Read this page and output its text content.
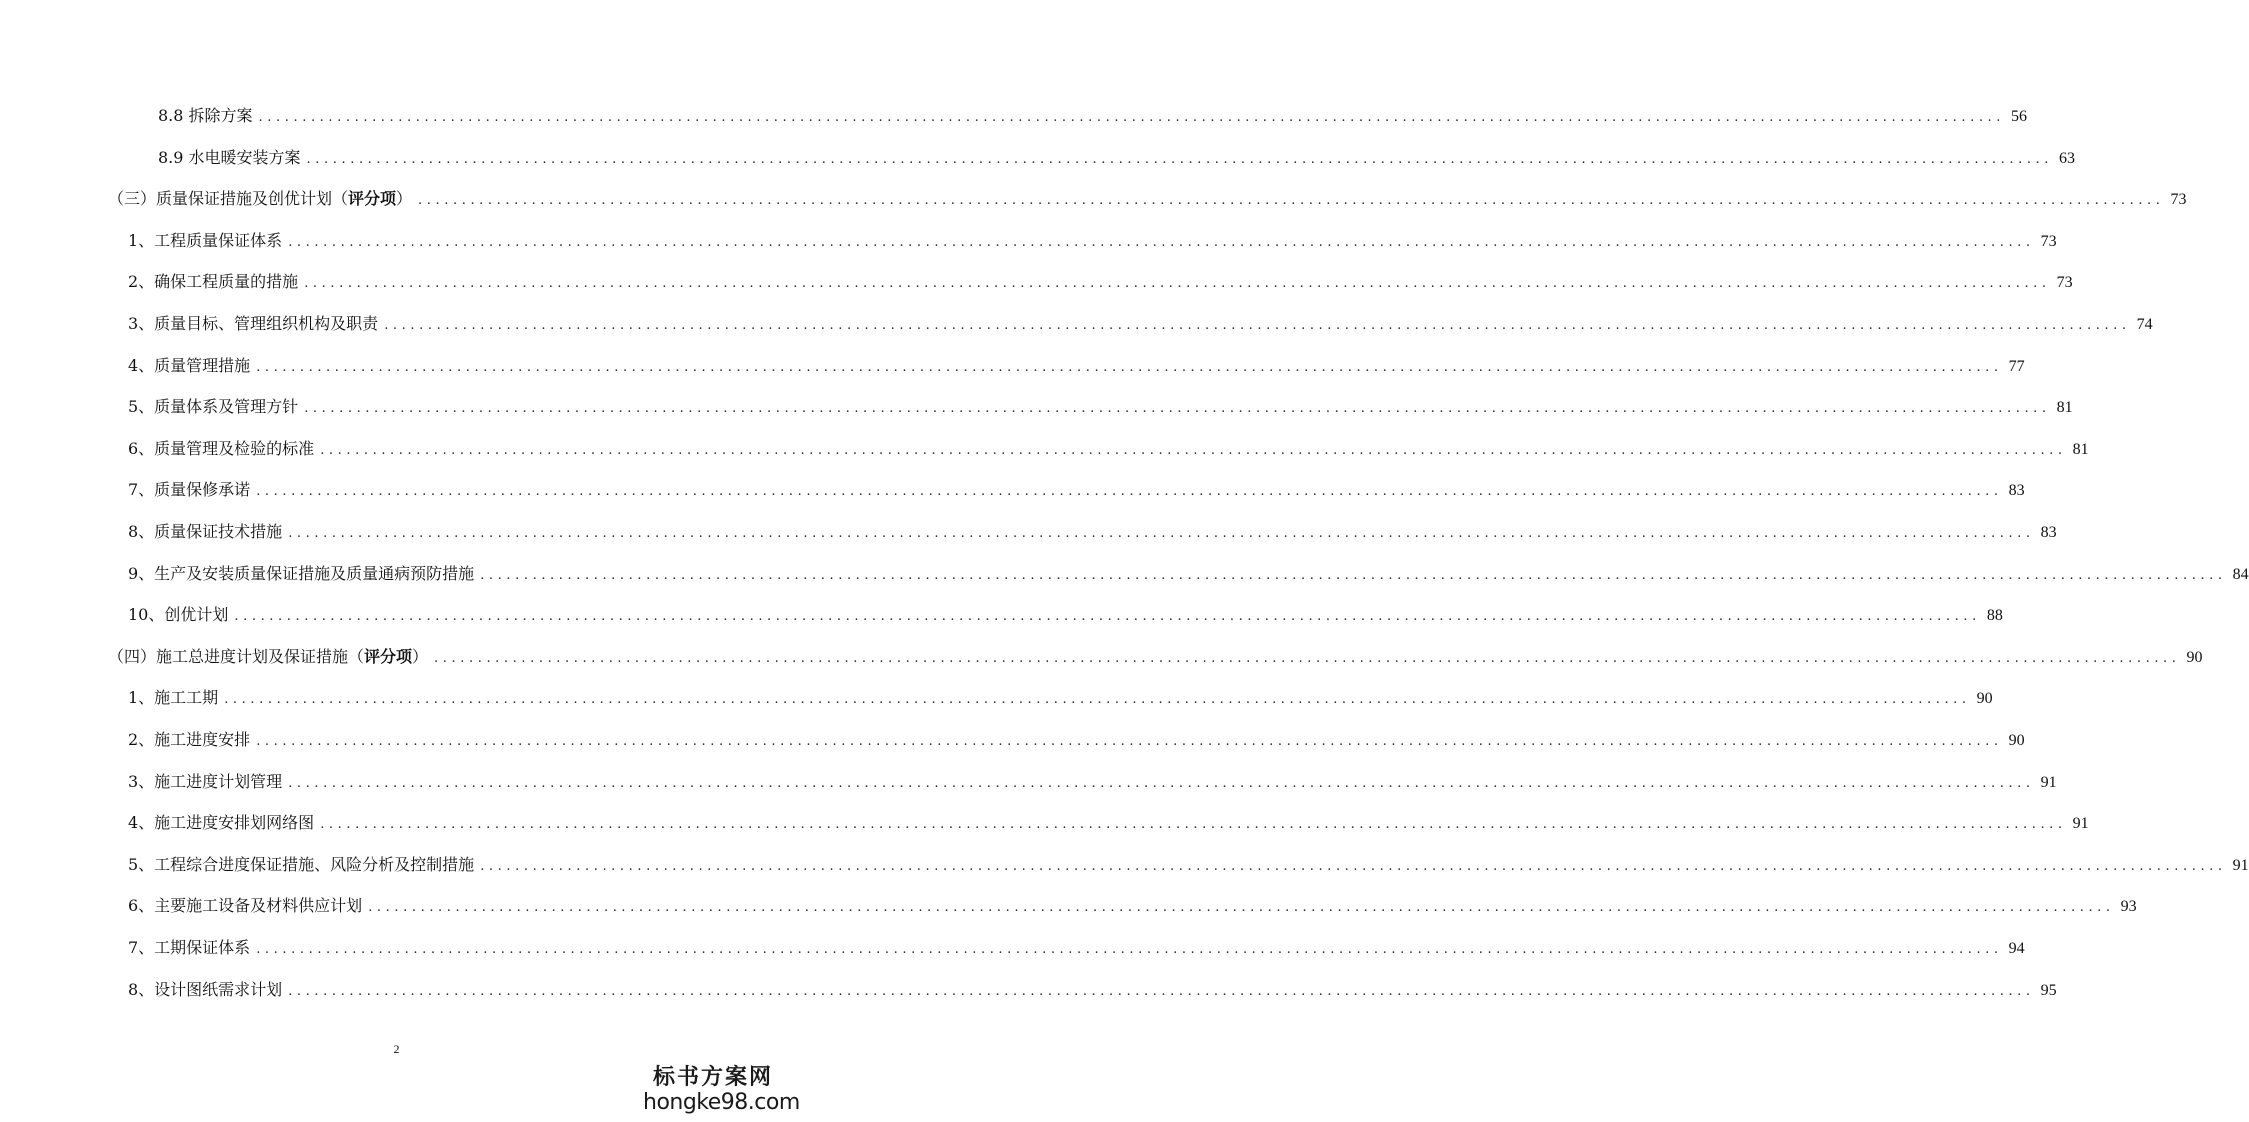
8.8 拆除方案 ........................................................................................................................................................................................................ 56
8.9 水电暖安装方案 ........................................................................................................................................................................................................ 63
（三）质量保证措施及创优计划（评分项） ........................................................................................................................................................................................................ 73
1、工程质量保证体系 ........................................................................................................................................................................................................ 73
2、确保工程质量的措施 ........................................................................................................................................................................................................ 73
3、质量目标、管理组织机构及职责 ........................................................................................................................................................................................................ 74
4、质量管理措施 ........................................................................................................................................................................................................ 77
5、质量体系及管理方针 ........................................................................................................................................................................................................ 81
6、质量管理及检验的标准 ........................................................................................................................................................................................................ 81
7、质量保修承诺 ........................................................................................................................................................................................................ 83
8、质量保证技术措施 ........................................................................................................................................................................................................ 83
9、生产及安装质量保证措施及质量通病预防措施 ........................................................................................................................................................................................................ 84
10、创优计划 ........................................................................................................................................................................................................ 88
（四）施工总进度计划及保证措施（评分项） ........................................................................................................................................................................................................ 90
1、施工工期 ........................................................................................................................................................................................................ 90
2、施工进度安排 ........................................................................................................................................................................................................ 90
3、施工进度计划管理 ........................................................................................................................................................................................................ 91
4、施工进度安排划网络图 ........................................................................................................................................................................................................ 91
5、工程综合进度保证措施、风险分析及控制措施 ........................................................................................................................................................................................................ 91
6、主要施工设备及材料供应计划 ........................................................................................................................................................................................................ 93
7、工期保证体系 ........................................................................................................................................................................................................ 94
8、设计图纸需求计划 ........................................................................................................................................................................................................ 95
2
标书方案网
hongke98.com
